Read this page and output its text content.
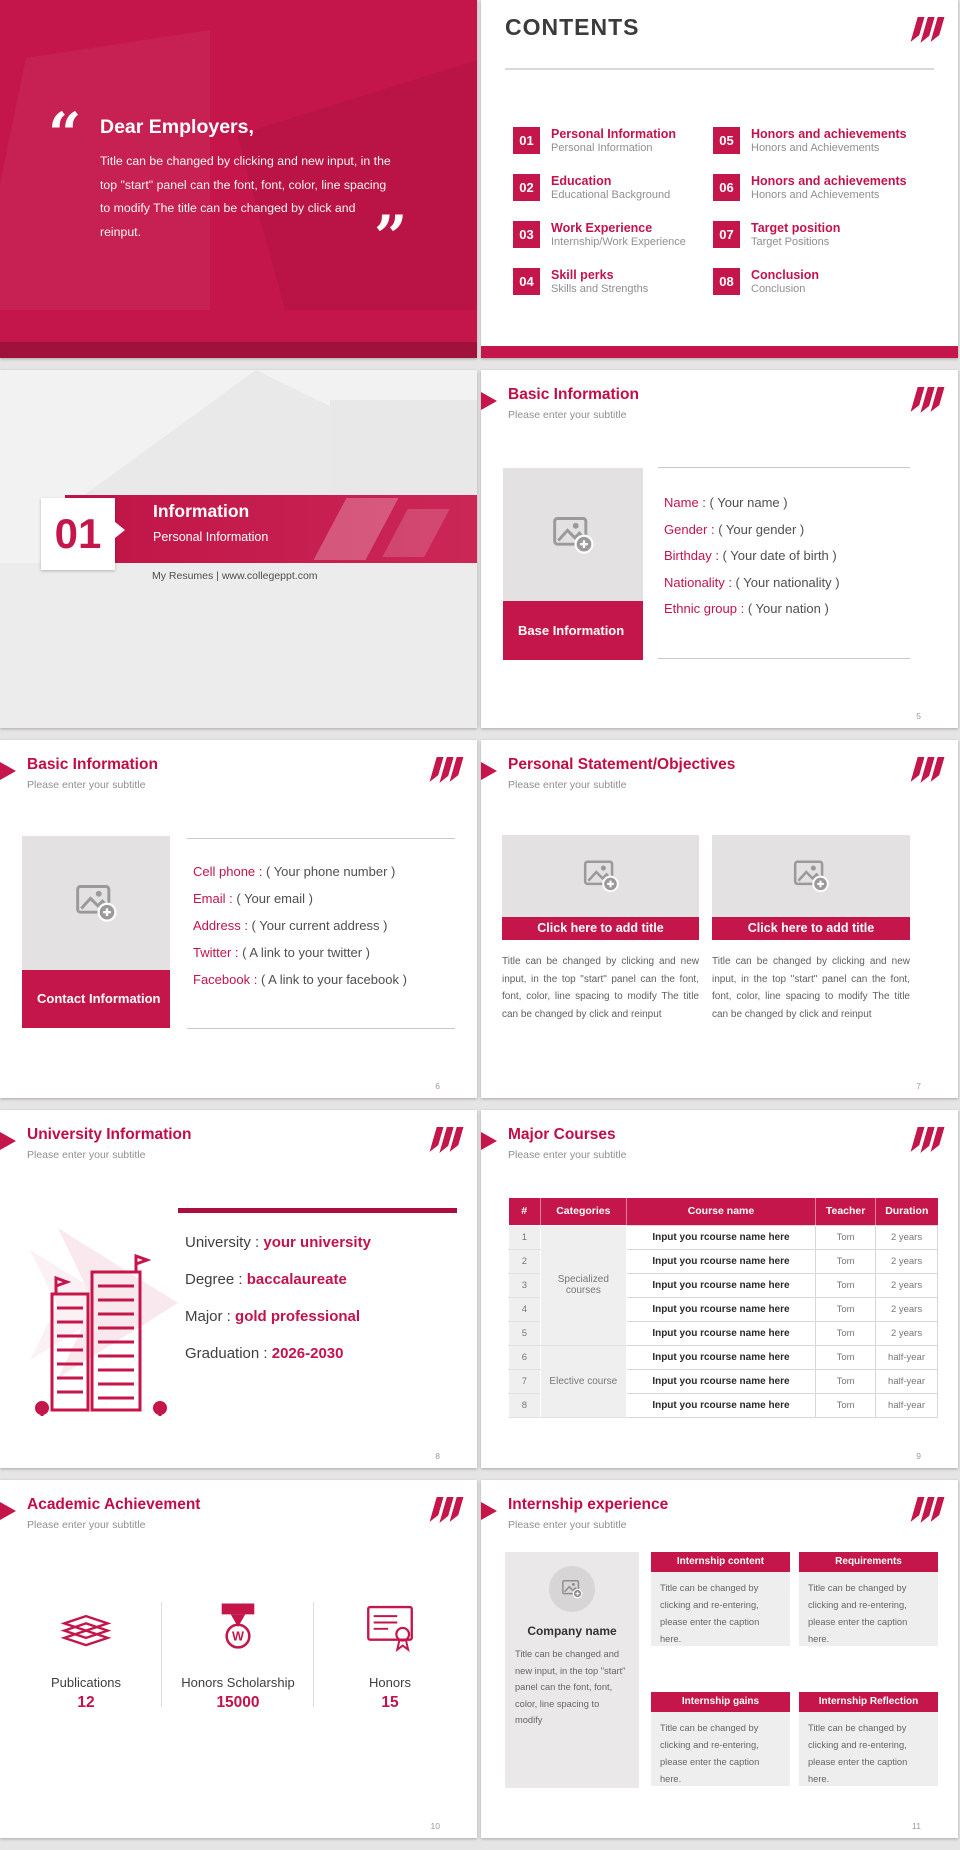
“ Dear Employers,
Title can be changed by clicking and new input, in the top "start" panel can the font, font, color, line spacing to modify The title can be changed by click and reinput.	”
CONTENTS
01	Personal Information
Personal Information
02	Education
Educational Background
03	Work Experience
Internship/Work Experience
04	Skill perks
Skills and Strengths
05	Honors and achievements
Honors and Achievements
06	Honors and achievements
Honors and Achievements
07	Target position
Target Positions
08	Conclusion
Conclusion
01	Information
Personal Information
My Resumes | www.collegeppt.com
Basic Information
Please enter your subtitle
Base Information
Name : ( Your name )
Gender : ( Your gender )
Birthday : ( Your date of birth )
Nationality : ( Your nationality )
Ethnic group : ( Your nation )
5
Basic Information
Please enter your subtitle
Contact Information
Cell phone : ( Your phone number )
Email : ( Your email )
Address : ( Your current address )
Twitter : ( A link to your twitter )
Facebook : ( A link to your facebook )
6
Personal Statement/Objectives
Please enter your subtitle
Click here to add title
Title can be changed by clicking and new input, in the top "start" panel can the font, font, color, line spacing to modify The title can be changed by click and reinput
Click here to add title
Title can be changed by clicking and new input, in the top "start" panel can the font, font, color, line spacing to modify The title can be changed by click and reinput
7
University Information
Please enter your subtitle
University : your university
Degree : baccalaureate
Major : gold professional
Graduation : 2026-2030
8
Major Courses
Please enter your subtitle
#	Categories	Course name	Teacher	Duration
1	Specialized courses	Input you rcourse name here	Tom	2 years
2		Input you rcourse name here	Tom	2 years
3		Input you rcourse name here	Tom	2 years
4		Input you rcourse name here	Tom	2 years
5		Input you rcourse name here	Tom	2 years
6	Elective course	Input you rcourse name here	Tom	half-year
7		Input you rcourse name here	Tom	half-year
8		Input you rcourse name here	Tom	half-year
9
Academic Achievement
Please enter your subtitle
Publications
12
Honors Scholarship
15000
Honors
15
10
Internship experience
Please enter your subtitle
Company name
Title can be changed and new input, in the top "start" panel can the font, font, color, line spacing to modify
Internship content
Title can be changed by clicking and re-entering, please enter the caption here.
Requirements
Title can be changed by clicking and re-entering, please enter the caption here.
Internship gains
Title can be changed by clicking and re-entering, please enter the caption here.
Internship Reflection
Title can be changed by clicking and re-entering, please enter the caption here.
11
